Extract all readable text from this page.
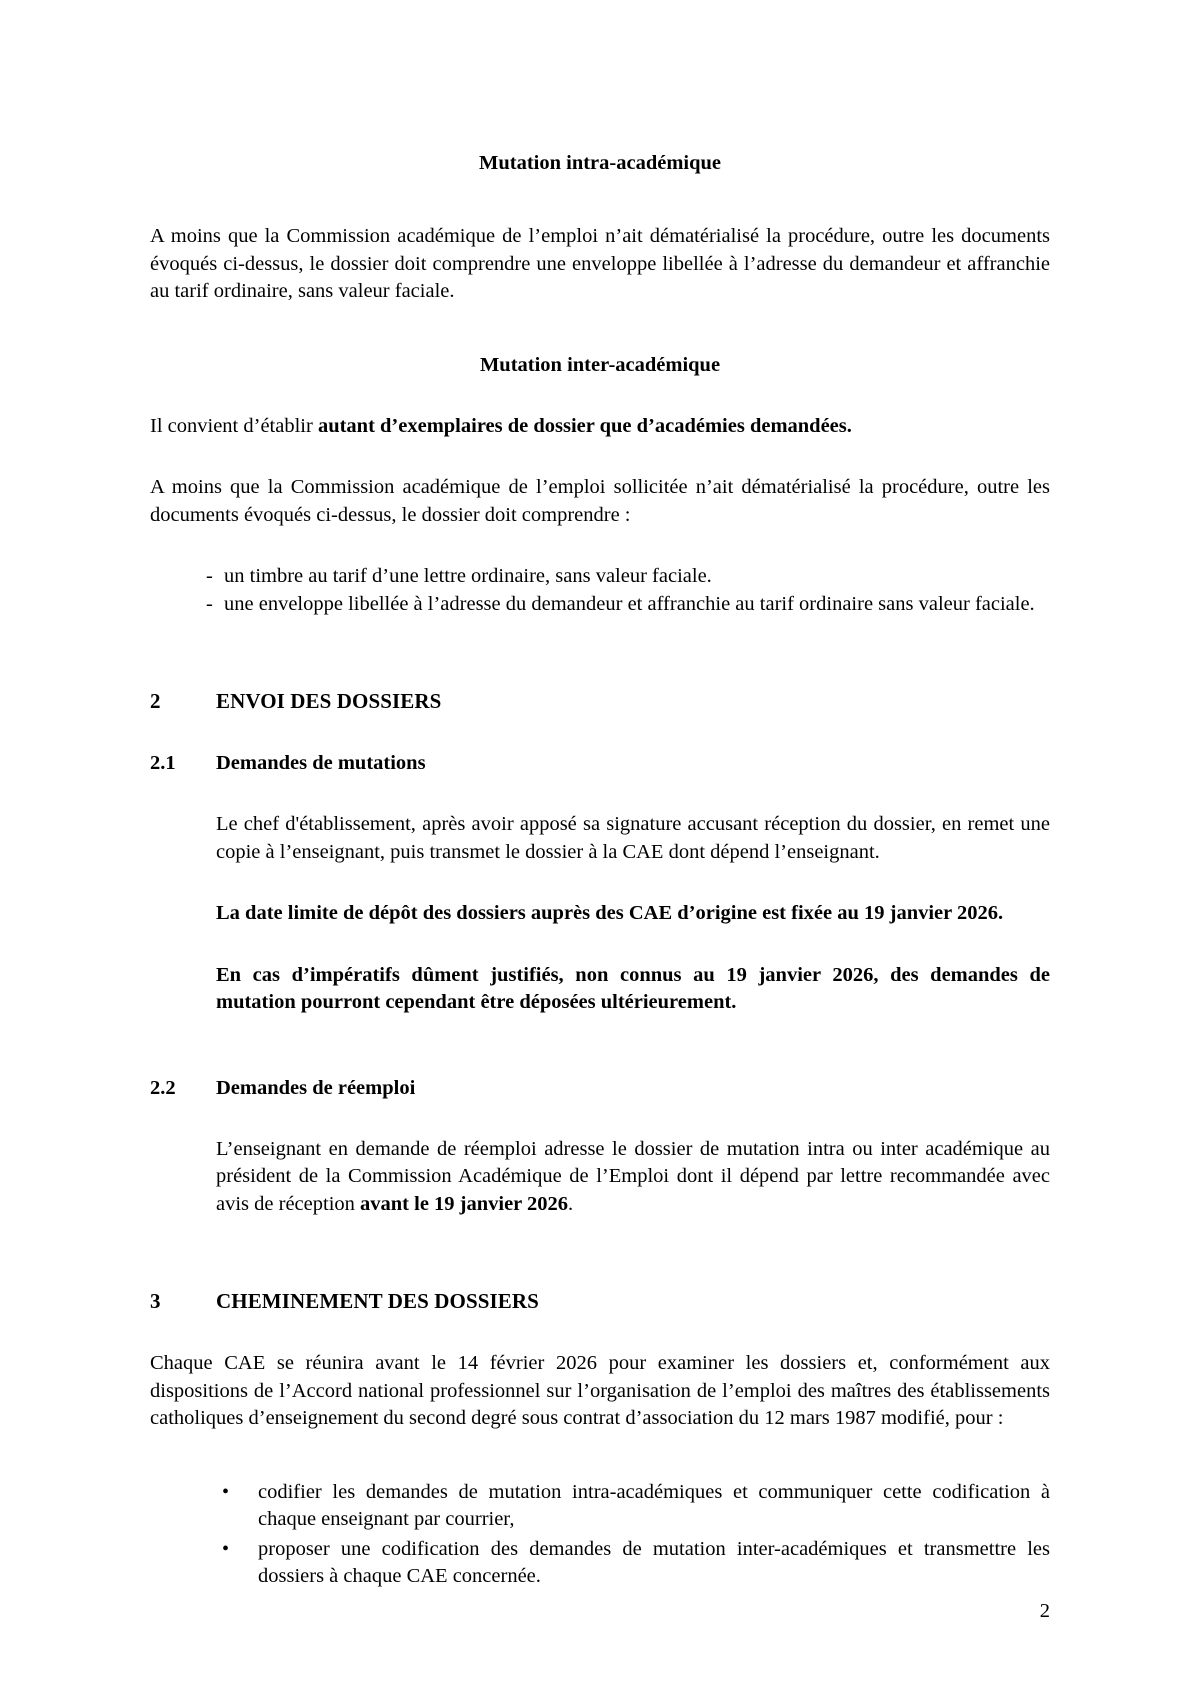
Mutation intra-académique

A moins que la Commission académique de l’emploi n’ait dématérialisé la procédure, outre les documents évoqués ci-dessus, le dossier doit comprendre une enveloppe libellée à l’adresse du demandeur et affranchie au tarif ordinaire, sans valeur faciale.

Mutation inter-académique

Il convient d’établir autant d’exemplaires de dossier que d’académies demandées.

A moins que la Commission académique de l’emploi sollicitée n’ait dématérialisé la procédure, outre les documents évoqués ci-dessus, le dossier doit comprendre :

- un timbre au tarif d’une lettre ordinaire, sans valeur faciale.
- une enveloppe libellée à l’adresse du demandeur et affranchie au tarif ordinaire sans valeur faciale.
2	ENVOI DES DOSSIERS
2.1	Demandes de mutations

Le chef d'établissement, après avoir apposé sa signature accusant réception du dossier, en remet une copie à l’enseignant, puis transmet le dossier à la CAE dont dépend l’enseignant.

La date limite de dépôt des dossiers auprès des CAE d’origine est fixée au 19 janvier 2026.

En cas d’impératifs dûment justifiés, non connus au 19 janvier 2026, des demandes de mutation pourront cependant être déposées ultérieurement.

2.2	Demandes de réemploi

L’enseignant en demande de réemploi adresse le dossier de mutation intra ou inter académique au président de la Commission Académique de l’Emploi dont il dépend par lettre recommandée avec avis de réception avant le 19 janvier 2026.

3	CHEMINEMENT DES DOSSIERS

Chaque CAE se réunira avant le 14 février 2026 pour examiner les dossiers et, conformément aux dispositions de l’Accord national professionnel sur l’organisation de l’emploi des maîtres des établissements catholiques d’enseignement du second degré sous contrat d’association du 12 mars 1987 modifié, pour :

• codifier les demandes de mutation intra-académiques et communiquer cette codification à chaque enseignant par courrier,
• proposer une codification des demandes de mutation inter-académiques et transmettre les dossiers à chaque CAE concernée.
2
